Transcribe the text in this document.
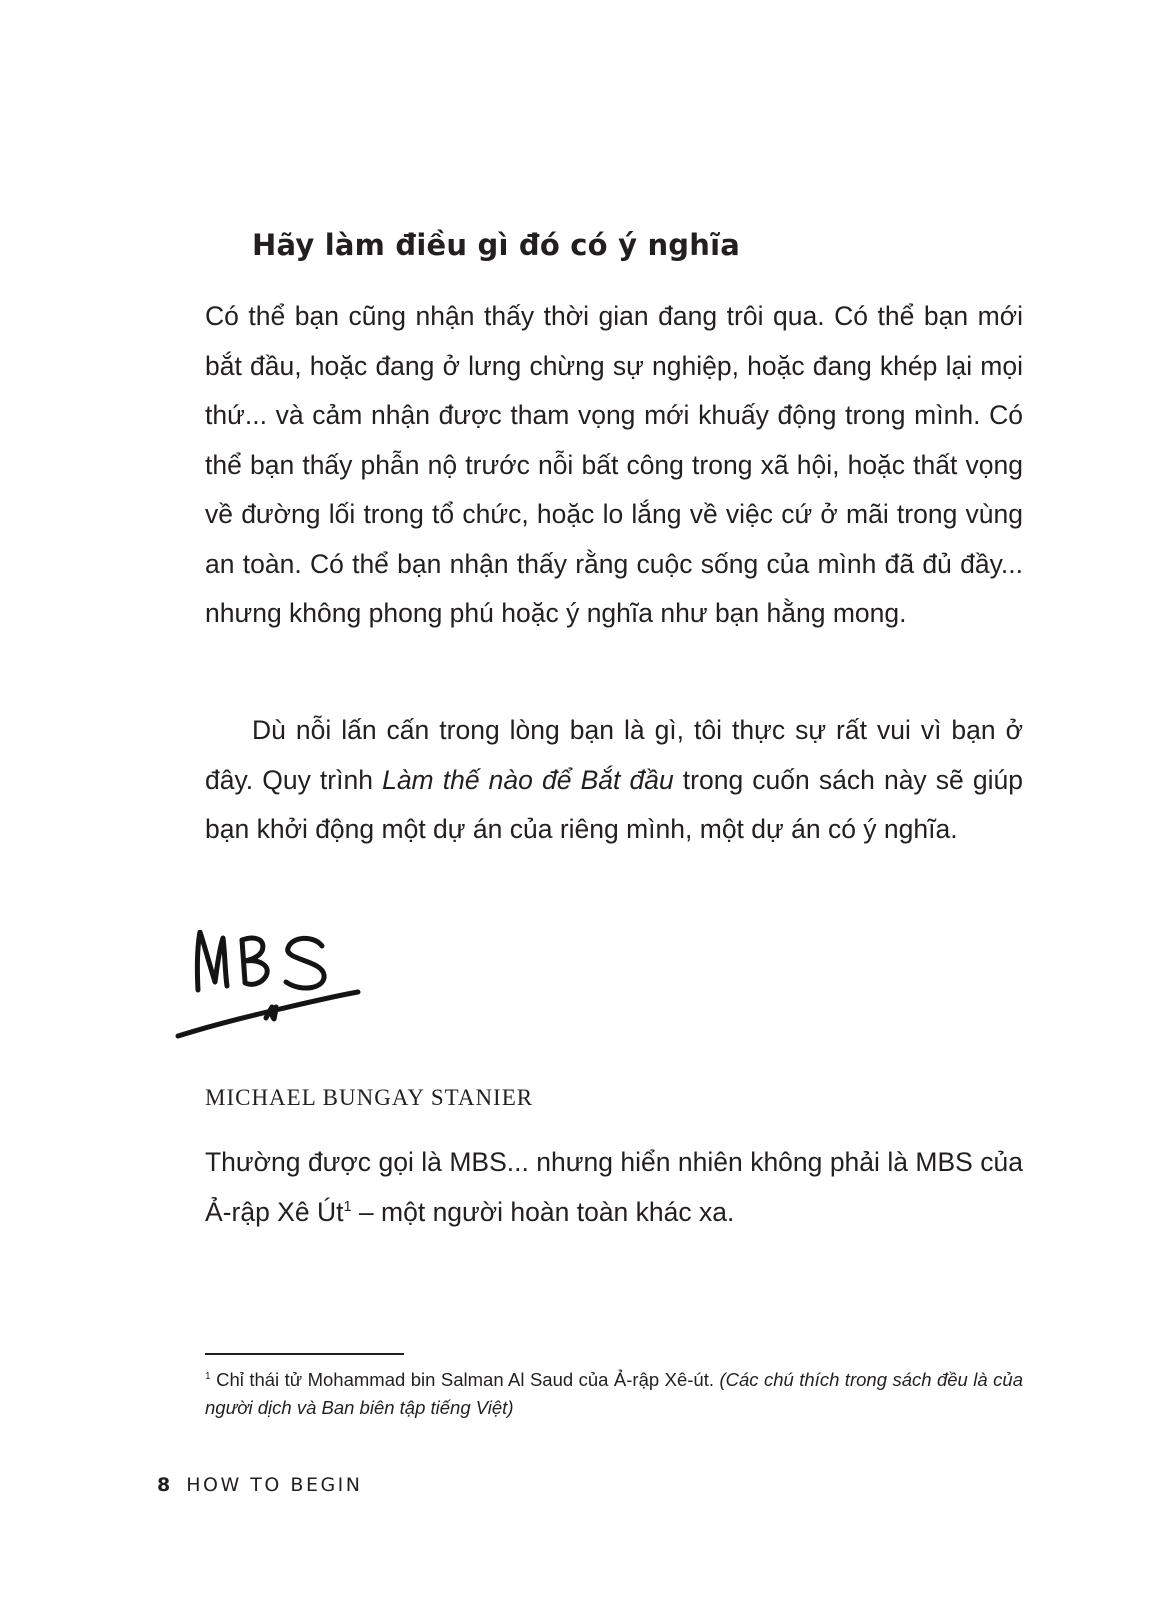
Hãy làm điều gì đó có ý nghĩa

Có thể bạn cũng nhận thấy thời gian đang trôi qua. Có thể bạn mới bắt đầu, hoặc đang ở lưng chừng sự nghiệp, hoặc đang khép lại mọi thứ... và cảm nhận được tham vọng mới khuấy động trong mình. Có thể bạn thấy phẫn nộ trước nỗi bất công trong xã hội, hoặc thất vọng về đường lối trong tổ chức, hoặc lo lắng về việc cứ ở mãi trong vùng an toàn. Có thể bạn nhận thấy rằng cuộc sống của mình đã đủ đầy... nhưng không phong phú hoặc ý nghĩa như bạn hằng mong.

Dù nỗi lấn cấn trong lòng bạn là gì, tôi thực sự rất vui vì bạn ở đây. Quy trình Làm thế nào để Bắt đầu trong cuốn sách này sẽ giúp bạn khởi động một dự án của riêng mình, một dự án có ý nghĩa.

MICHAEL BUNGAY STANIER

Thường được gọi là MBS... nhưng hiển nhiên không phải là MBS của Ả-rập Xê $Út^1$ – một người hoàn toàn khác xa.

$^1$ Chỉ thái tử Mohammad bin Salman Al Saud của Ả-rập Xê-út. (Các chú thích trong sách đều là của người dịch và Ban biên tập tiếng Việt)

8 HOW TO BEGIN
